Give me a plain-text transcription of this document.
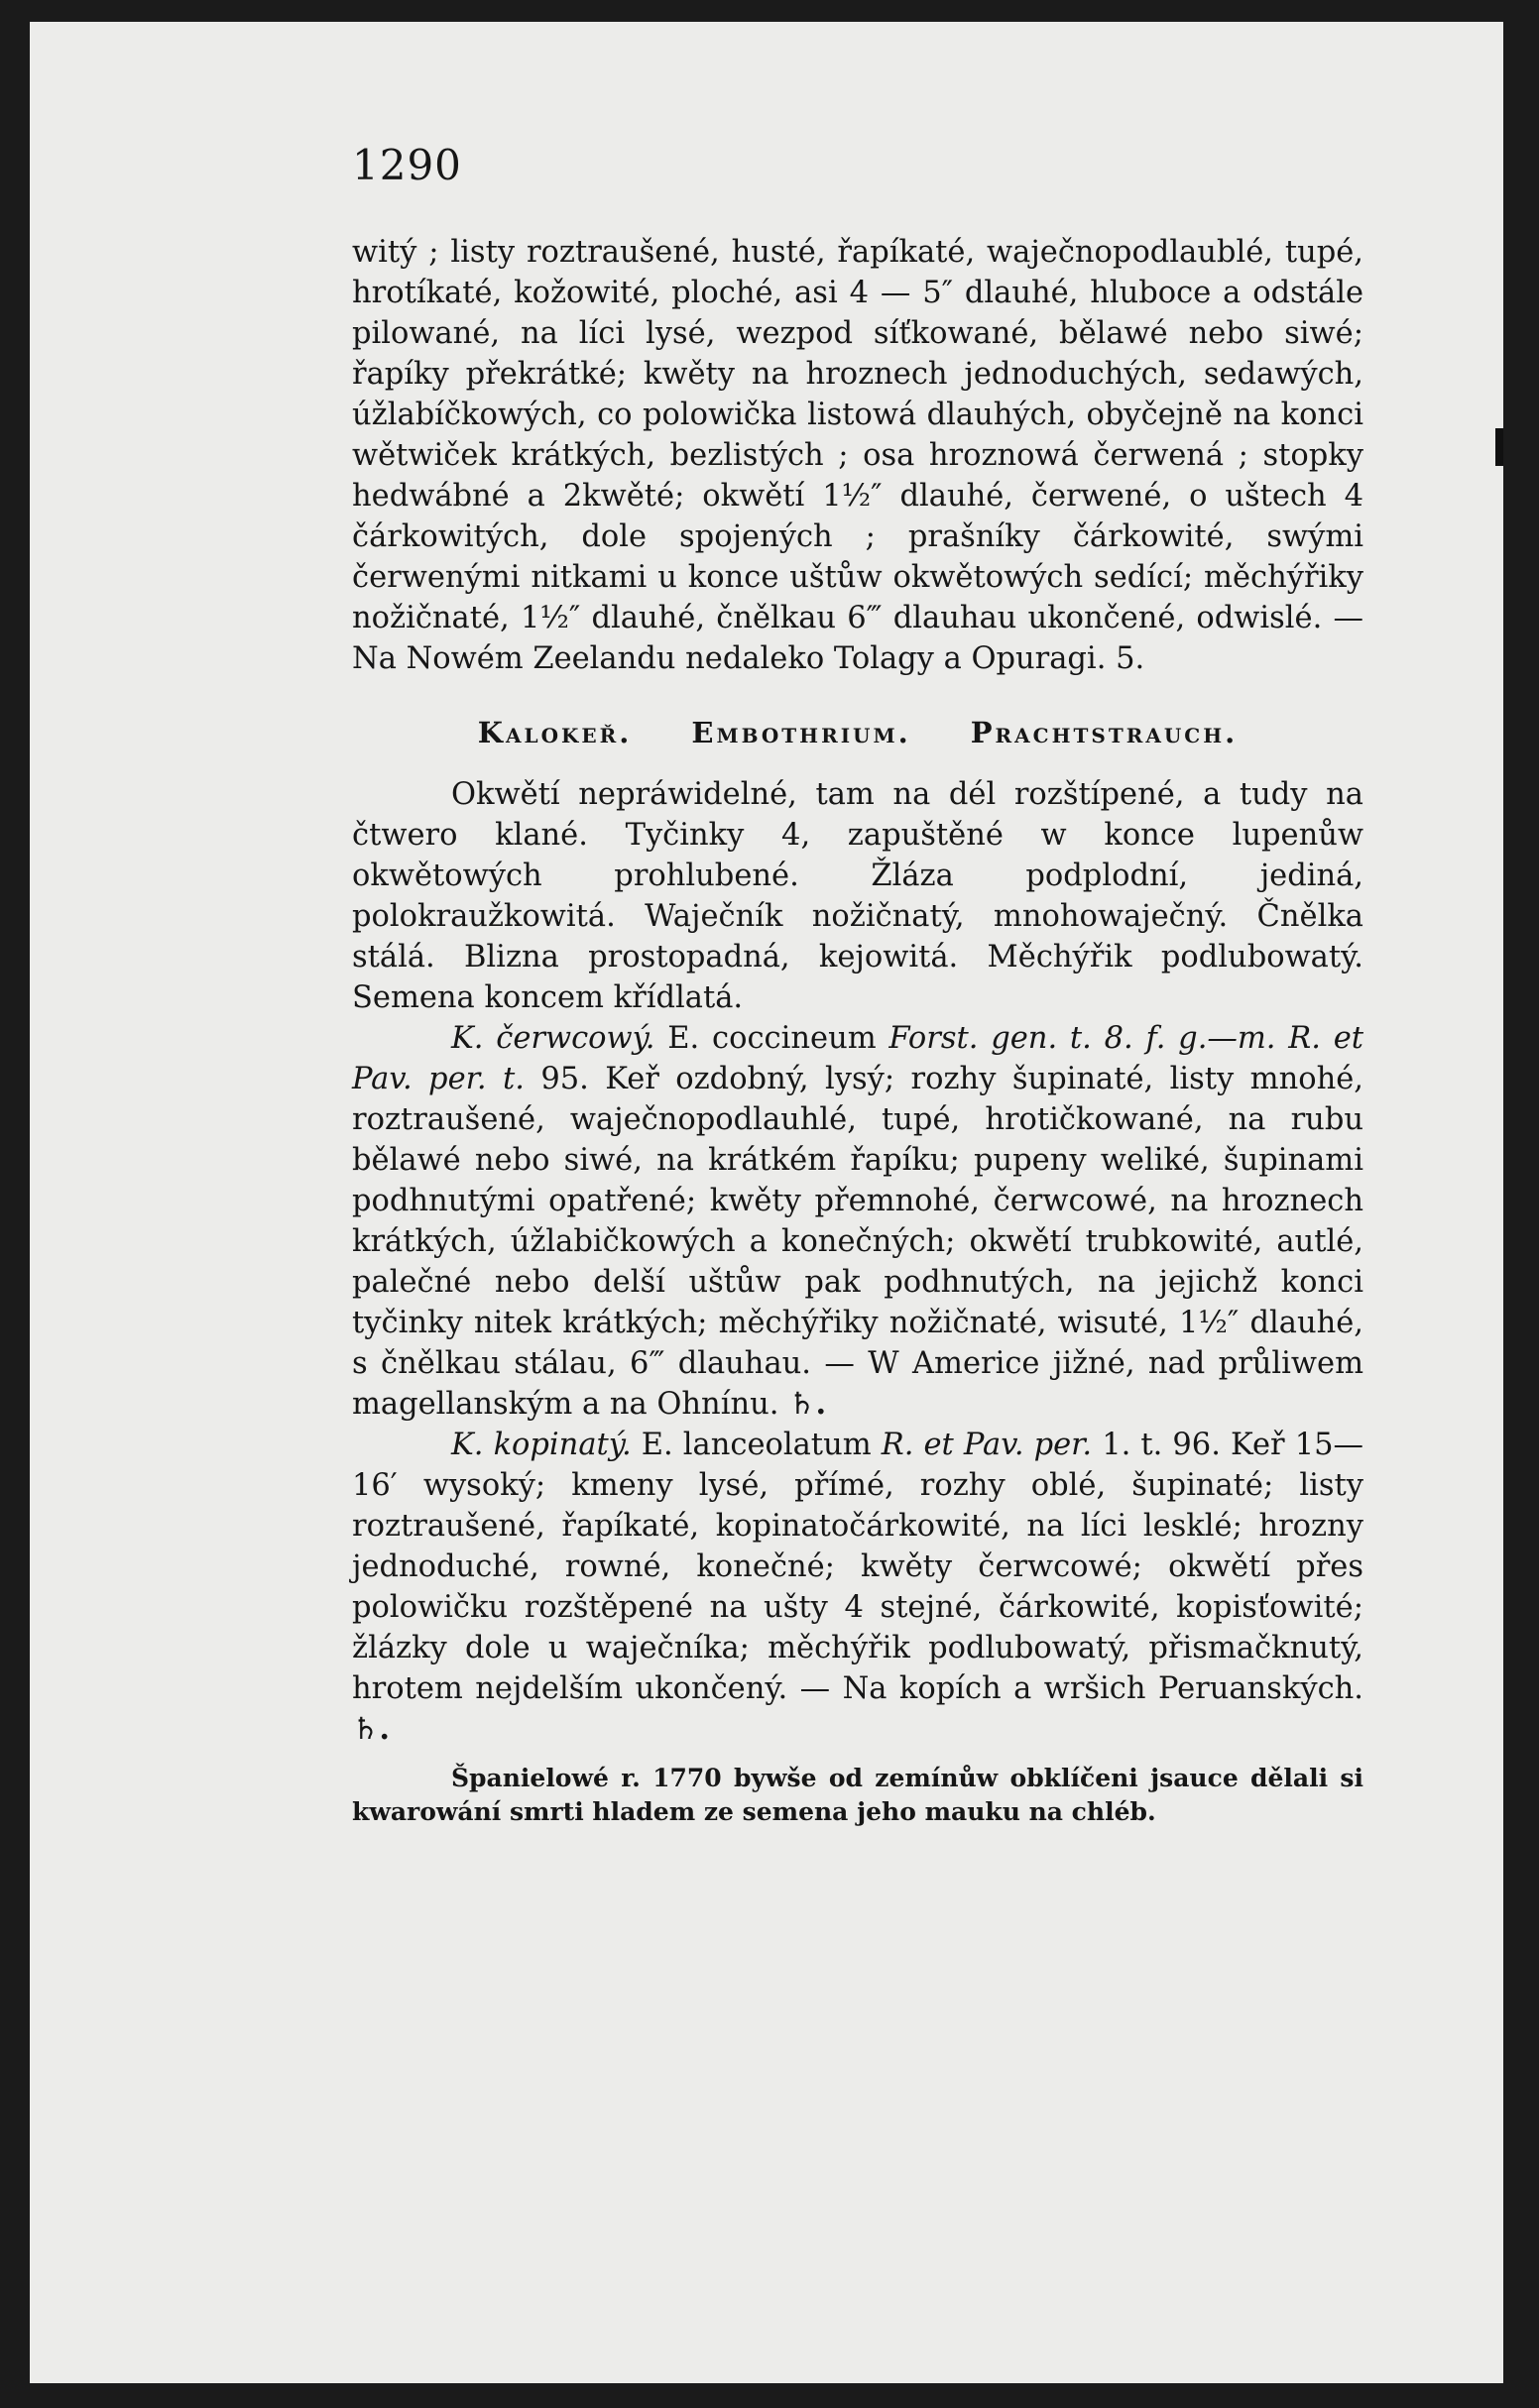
1290

witý ; listy roztraušené, husté, řapíkaté, waječnopodlaublé, tupé, hrotíkaté, kožowité, ploché, asi 4 — 5″ dlauhé, hluboce a odstále pilowané, na líci lysé, wezpod síťkowané, bělawé nebo siwé; řapíky překrátké; kwěty na hroznech jednoduchých, sedawých, úžlabíčkowých, co polowička listowá dlauhých, obyčejně na konci wětwiček krátkých, bezlistých ; osa hroznowá čerwená ; stopky hedwábné a 2kwěté; okwětí 1½″ dlauhé, čerwené, o uštech 4 čárkowitých, dole spojených ; prašníky čárkowité, swými čerwenými nitkami u konce uštůw okwětowých sedící; měchýřiky nožičnaté, 1½″ dlauhé, čnělkau 6‴ dlauhau ukončené, odwislé. — Na Nowém Zeelandu nedaleko Tolagy a Opuragi. 5.

Kalokeř. Embothrium. Prachtstrauch.

Okwětí nepráwidelné, tam na dél rozštípené, a tudy na čtwero klané. Tyčinky 4, zapuštěné w konce lupenůw okwětowých prohlubené. Žláza podplodní, jediná, polokraužkowitá. Waječník nožičnatý, mnohowaječný. Čnělka stálá. Blizna prostopadná, kejowitá. Měchýřik podlubowatý. Semena koncem křídlatá.

K. čerwcowý. E. coccineum Forst. gen. t. 8. f. g.—m. R. et Pav. per. t. 95. Keř ozdobný, lysý; rozhy šupinaté, listy mnohé, roztraušené, waječnopodlauhlé, tupé, hrotičkowané, na rubu bělawé nebo siwé, na krátkém řapíku; pupeny weliké, šupinami podhnutými opatřené; kwěty přemnohé, čerwcowé, na hroznech krátkých, úžlabičkowých a konečných; okwětí trubkowité, autlé, palečné nebo delší uštůw pak podhnutých, na jejichž konci tyčinky nitek krátkých; měchýřiky nožičnaté, wisuté, 1½″ dlauhé, s čnělkau stálau, 6‴ dlauhau. — W Americe jižné, nad průliwem magellanským a na Ohnínu. ♄.

K. kopinatý. E. lanceolatum R. et Pav. per. 1. t. 96. Keř 15—16′ wysoký; kmeny lysé, přímé, rozhy oblé, šupinaté; listy roztraušené, řapíkaté, kopinatočárkowité, na líci lesklé; hrozny jednoduché, rowné, konečné; kwěty čerwcowé; okwětí přes polowičku rozštěpené na ušty 4 stejné, čárkowité, kopisťowité; žlázky dole u waječníka; měchýřik podlubowatý, přismačknutý, hrotem nejdelším ukončený. — Na kopích a wršich Peruanských. ♄.

Španielowé r. 1770 bywše od zemínůw obklíčeni jsauce dělali si kwarowání smrti hladem ze semena jeho mauku na chléb.
